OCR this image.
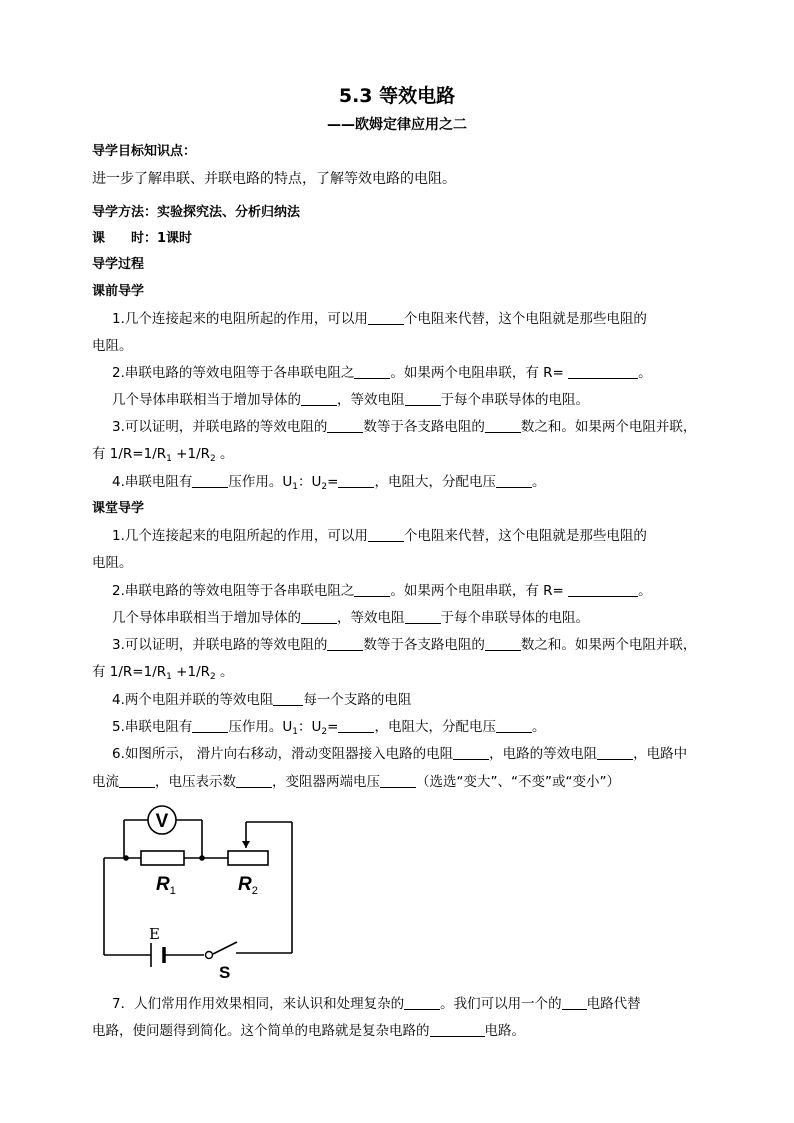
5.3 等效电路
——欧姆定律应用之二
导学目标知识点：
进一步了解串联、并联电路的特点，了解等效电路的电阻。
导学方法：实验探究法、分析归纳法
课　　时：1课时
导学过程
课前导学
1.几个连接起来的电阻所起的作用，可以用	个电阻来代替，这个电阻就是那些电阻的
电阻。
2.串联电路的等效电阻等于各串联电阻之	。如果两个电阻串联，有 R=	。
几个导体串联相当于增加导体的	，等效电阻	于每个串联导体的电阻。
3.可以证明，并联电路的等效电阻的	数等于各支路电阻的	数之和。如果两个电阻并联，
有 $1/R=1/R_1 +1/R_2$ 。
4.串联电阻有	压作用。$U_1$：$U_2=$	，电阻大，分配电压	。
课堂导学
1.几个连接起来的电阻所起的作用，可以用	个电阻来代替，这个电阻就是那些电阻的
电阻。
2.串联电路的等效电阻等于各串联电阻之	。如果两个电阻串联，有 R=	。
几个导体串联相当于增加导体的	，等效电阻	于每个串联导体的电阻。
3.可以证明，并联电路的等效电阻的	数等于各支路电阻的	数之和。如果两个电阻并联，
有 $1/R=1/R_1 +1/R_2$ 。
4.两个电阻并联的等效电阻 每一个支路的电阻
5.串联电阻有	压作用。$U_1$：$U_2=$	，电阻大，分配电压	。
6.如图所示， 滑片向右移动，滑动变阻器接入电路的电阻	，电路的等效电阻	，电路中
电流	，电压表示数	，变阻器两端电压	（选选“变大”、“不变”或“变小”）
V
$R_1$	$R_2$
E
S
7．人们常用作用效果相同，来认识和处理复杂的	。我们可以用一个的 电路代替
电路，使问题得到简化。这个简单的电路就是复杂电路的	电路。
